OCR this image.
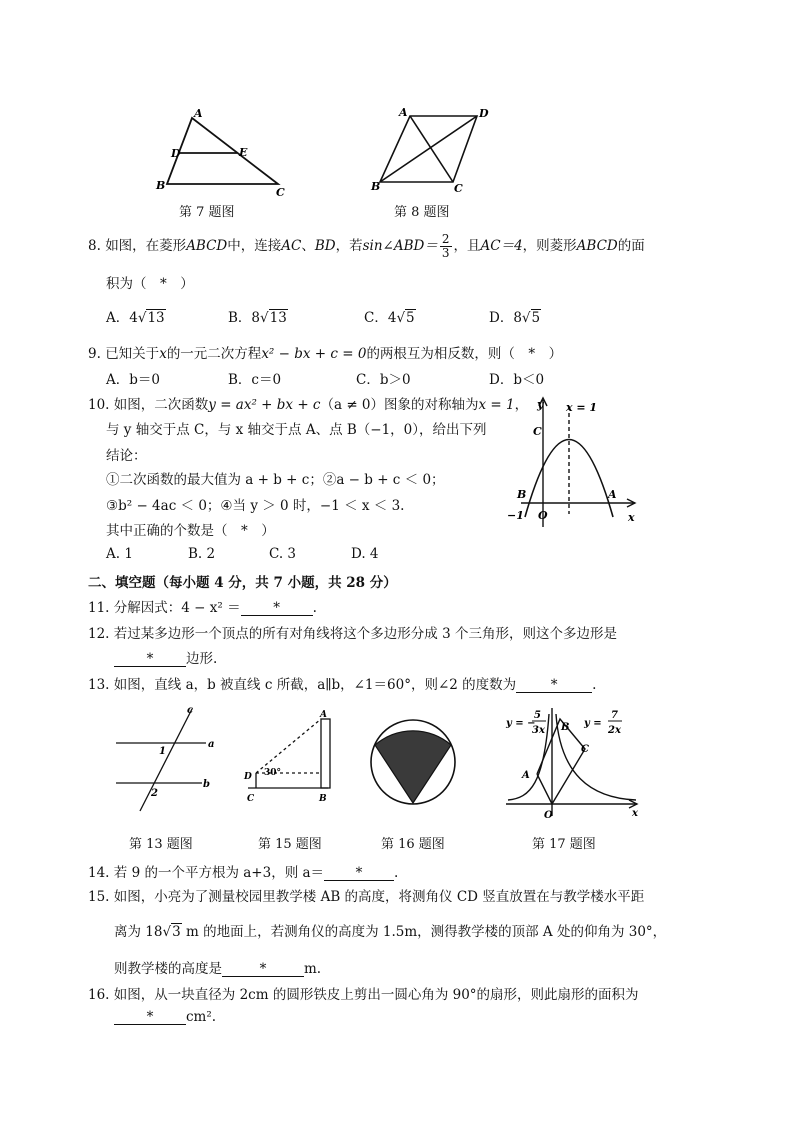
A
D	E
B
C
第 7 题图
A	D
B	C
第 8 题图
8. 如图，在菱形ABCD中，连接AC、BD，若sin∠ABD＝ $\frac{2}{3}$ ，且AC＝4，则菱形ABCD的面
积为（　*　）
A．4√13	B．8√13	C．4√5	D．8√5
9. 已知关于x的一元二次方程x² − bx + c = 0的两根互为相反数，则（　*　）
A．b＝0	B．c＝0	C．b＞0	D．b＜0
10. 如图，二次函数y = ax² + bx + c（a ≠ 0）图象的对称轴为x = 1，
与 y 轴交于点 C，与 x 轴交于点 A、点 B（−1，0），给出下列
结论：
①二次函数的最大值为 a + b + c；②a − b + c ＜ 0；
③b² − 4ac ＜ 0；④当 y ＞ 0 时，−1 ＜ x ＜ 3.
其中正确的个数是（　*　）
A. 1	B. 2	C. 3	D. 4
y x = 1
C
B	A
−1 O	x
二、填空题（每小题 4 分，共 7 小题，共 28 分）
11. 分解因式：4 − x² ＝ * .
12. 若过某多边形一个顶点的所有对角线将这个多边形分成 3 个三角形，则这个多边形是
* 边形.
13. 如图，直线 a，b 被直线 c 所截，a∥b，∠1＝60°，则∠2 的度数为	*	.
c
a
b
1
2
A
D
C	B
30°
y = −
5
3x
y =
7
2x
B
C
A
O	x
第 13 题图	第 15 题图	第 16 题图	第 17 题图
14. 若 9 的一个平方根为 a+3，则 a＝ * .
15. 如图，小亮为了测量校园里教学楼 AB 的高度，将测角仪 CD 竖直放置在与教学楼水平距
离为 18√3 m 的地面上，若测角仪的高度为 1.5m，测得教学楼的顶部 A 处的仰角为 30°，
则教学楼的高度是	*	m.
16. 如图，从一块直径为 2cm 的圆形铁皮上剪出一圆心角为 90°的扇形，则此扇形的面积为
* cm².
